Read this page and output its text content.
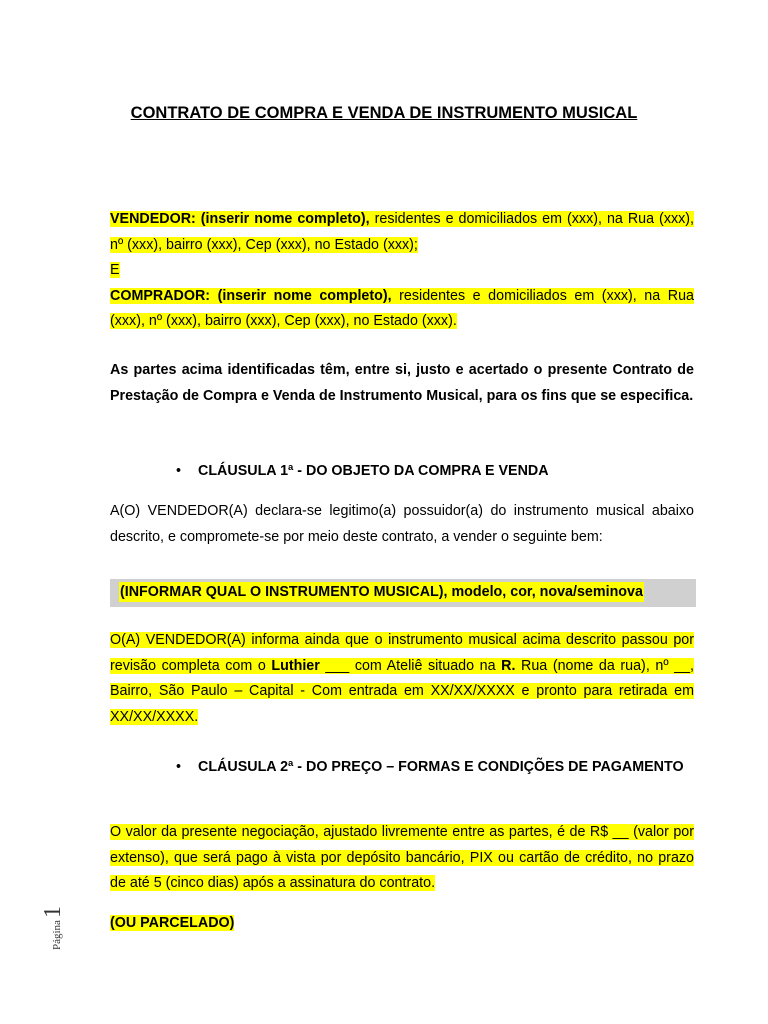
CONTRATO DE COMPRA E VENDA DE INSTRUMENTO MUSICAL

VENDEDOR: (inserir nome completo), residentes e domiciliados em (xxx), na Rua (xxx), nº (xxx), bairro (xxx), Cep (xxx), no Estado (xxx);

E

COMPRADOR: (inserir nome completo), residentes e domiciliados em (xxx), na Rua (xxx), nº (xxx), bairro (xxx), Cep (xxx), no Estado (xxx).

As partes acima identificadas têm, entre si, justo e acertado o presente Contrato de Prestação de Compra e Venda de Instrumento Musical, para os fins que se especifica.

• CLÁUSULA 1ª - DO OBJETO DA COMPRA E VENDA

A(O) VENDEDOR(A) declara-se legitimo(a) possuidor(a) do instrumento musical abaixo descrito, e compromete-se por meio deste contrato, a vender o seguinte bem:

(INFORMAR QUAL O INSTRUMENTO MUSICAL), modelo, cor, nova/seminova

O(A) VENDEDOR(A) informa ainda que o instrumento musical acima descrito passou por revisão completa com o Luthier ___ com Ateliê situado na R. Rua (nome da rua), nº __, Bairro, São Paulo – Capital - Com entrada em XX/XX/XXXX e pronto para retirada em XX/XX/XXXX.

• CLÁUSULA 2ª - DO PREÇO – FORMAS E CONDIÇÕES DE PAGAMENTO

O valor da presente negociação, ajustado livremente entre as partes, é de R$ __ (valor por extenso), que será pago à vista por depósito bancário, PIX ou cartão de crédito, no prazo de até 5 (cinco dias) após a assinatura do contrato.

(OU PARCELADO)

Página1
